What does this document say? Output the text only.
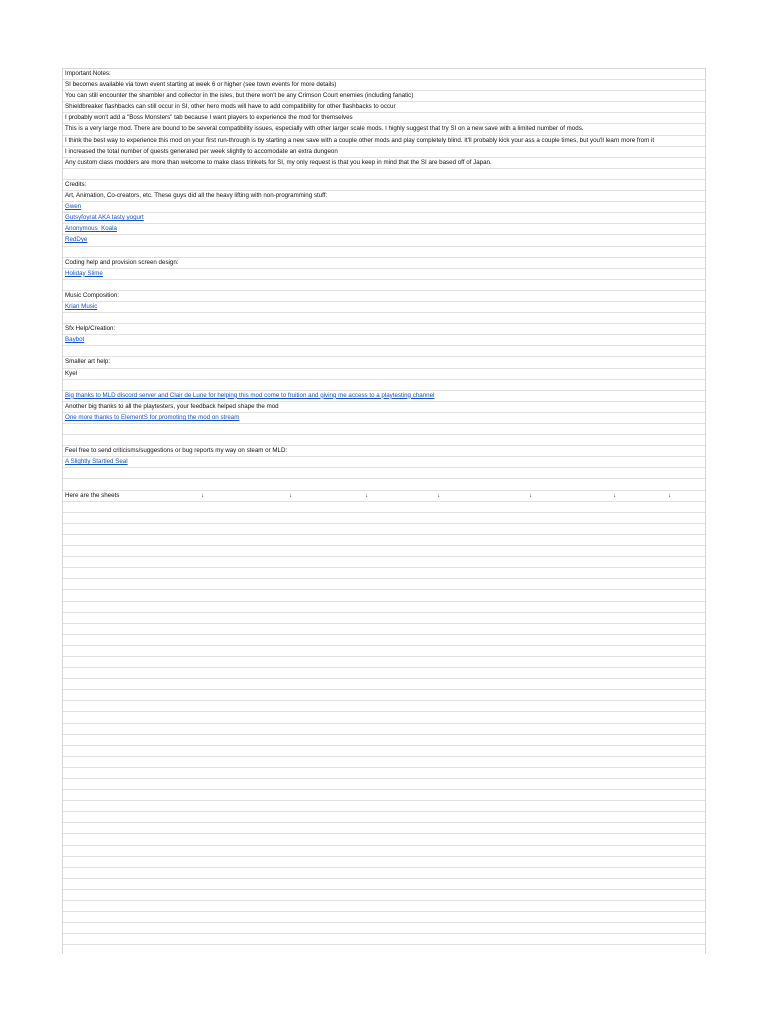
Important Notes:
SI becomes available via town event starting at week 6 or higher (see town events for more details)
You can still encounter the shambler and collector in the isles, but there won't be any Crimson Court enemies (including fanatic)
Shieldbreaker flashbacks can still occur in SI, other hero mods will have to add compatibility for other flashbacks to occur
I probably won't add a "Boss Monsters" tab because I want players to experience the mod for themselves
This is a very large mod. There are bound to be several compatibility issues, especially with other larger scale mods. I highly suggest that try SI on a new save with a limited number of mods.
I think the best way to experience this mod on your first run-through is by starting a new save with a couple other mods and play completely blind. It'll probably kick your ass a couple times, but you'll learn more from it
I increased the total number of quests generated per week slightly to accomodate an extra dungeon
Any custom class modders are more than welcome to make class trinkets for SI, my only request is that you keep in mind that the SI are based off of Japan.
Credits:
Art, Animation, Co-creators, etc. These guys did all the heavy lifting with non-programming stuff:
Gwen
Gutsyfoyrat AKA tasty yogurt
Anonymous_Koala
RedDye
Coding help and provision screen design:
Holiday Slime
Music Composition:
Krian Music
Sfx Help/Creation:
Baybot
Smaller art help:
Kyel
Big thanks to MLD discord server and Clair de Lune for helping this mod come to fruition and giving me access to a playtesting channel
Another big thanks to all the playtesters, your feedback helped shape the mod
One more thanks to ElementS for promoting the mod on stream
Feel free to send criticisms/suggestions or bug reports my way on steam or MLD:
A Slightly Startled Seal
Here are the sheets	↓	↓	↓	↓	↓	↓	↓
